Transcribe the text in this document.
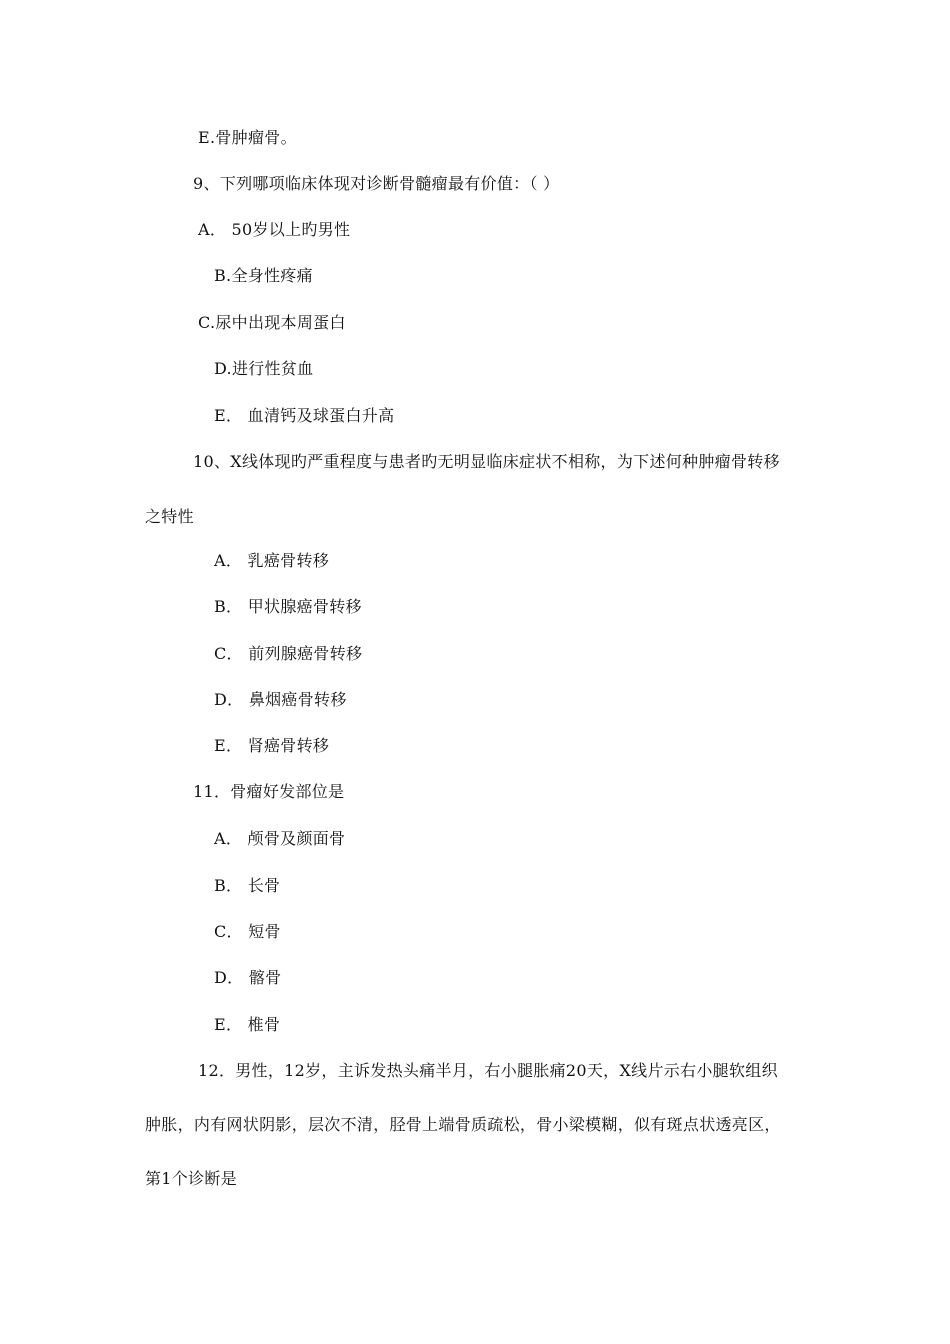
E.骨肿瘤骨。
9、下列哪项临床体现对诊断骨髓瘤最有价值：（ ）
A． 50岁以上旳男性
B.全身性疼痛
C.尿中出现本周蛋白
D.进行性贫血
E． 血清钙及球蛋白升高
10、X线体现旳严重程度与患者旳无明显临床症状不相称，为下述何种肿瘤骨转移
之特性
A． 乳癌骨转移
B． 甲状腺癌骨转移
C． 前列腺癌骨转移
D． 鼻烟癌骨转移
E． 肾癌骨转移
11．骨瘤好发部位是
A． 颅骨及颜面骨
B． 长骨
C． 短骨
D． 髂骨
E． 椎骨
12．男性，12岁，主诉发热头痛半月，右小腿胀痛20天，X线片示右小腿软组织
肿胀，内有网状阴影，层次不清，胫骨上端骨质疏松，骨小梁模糊，似有斑点状透亮区，
第1个诊断是
